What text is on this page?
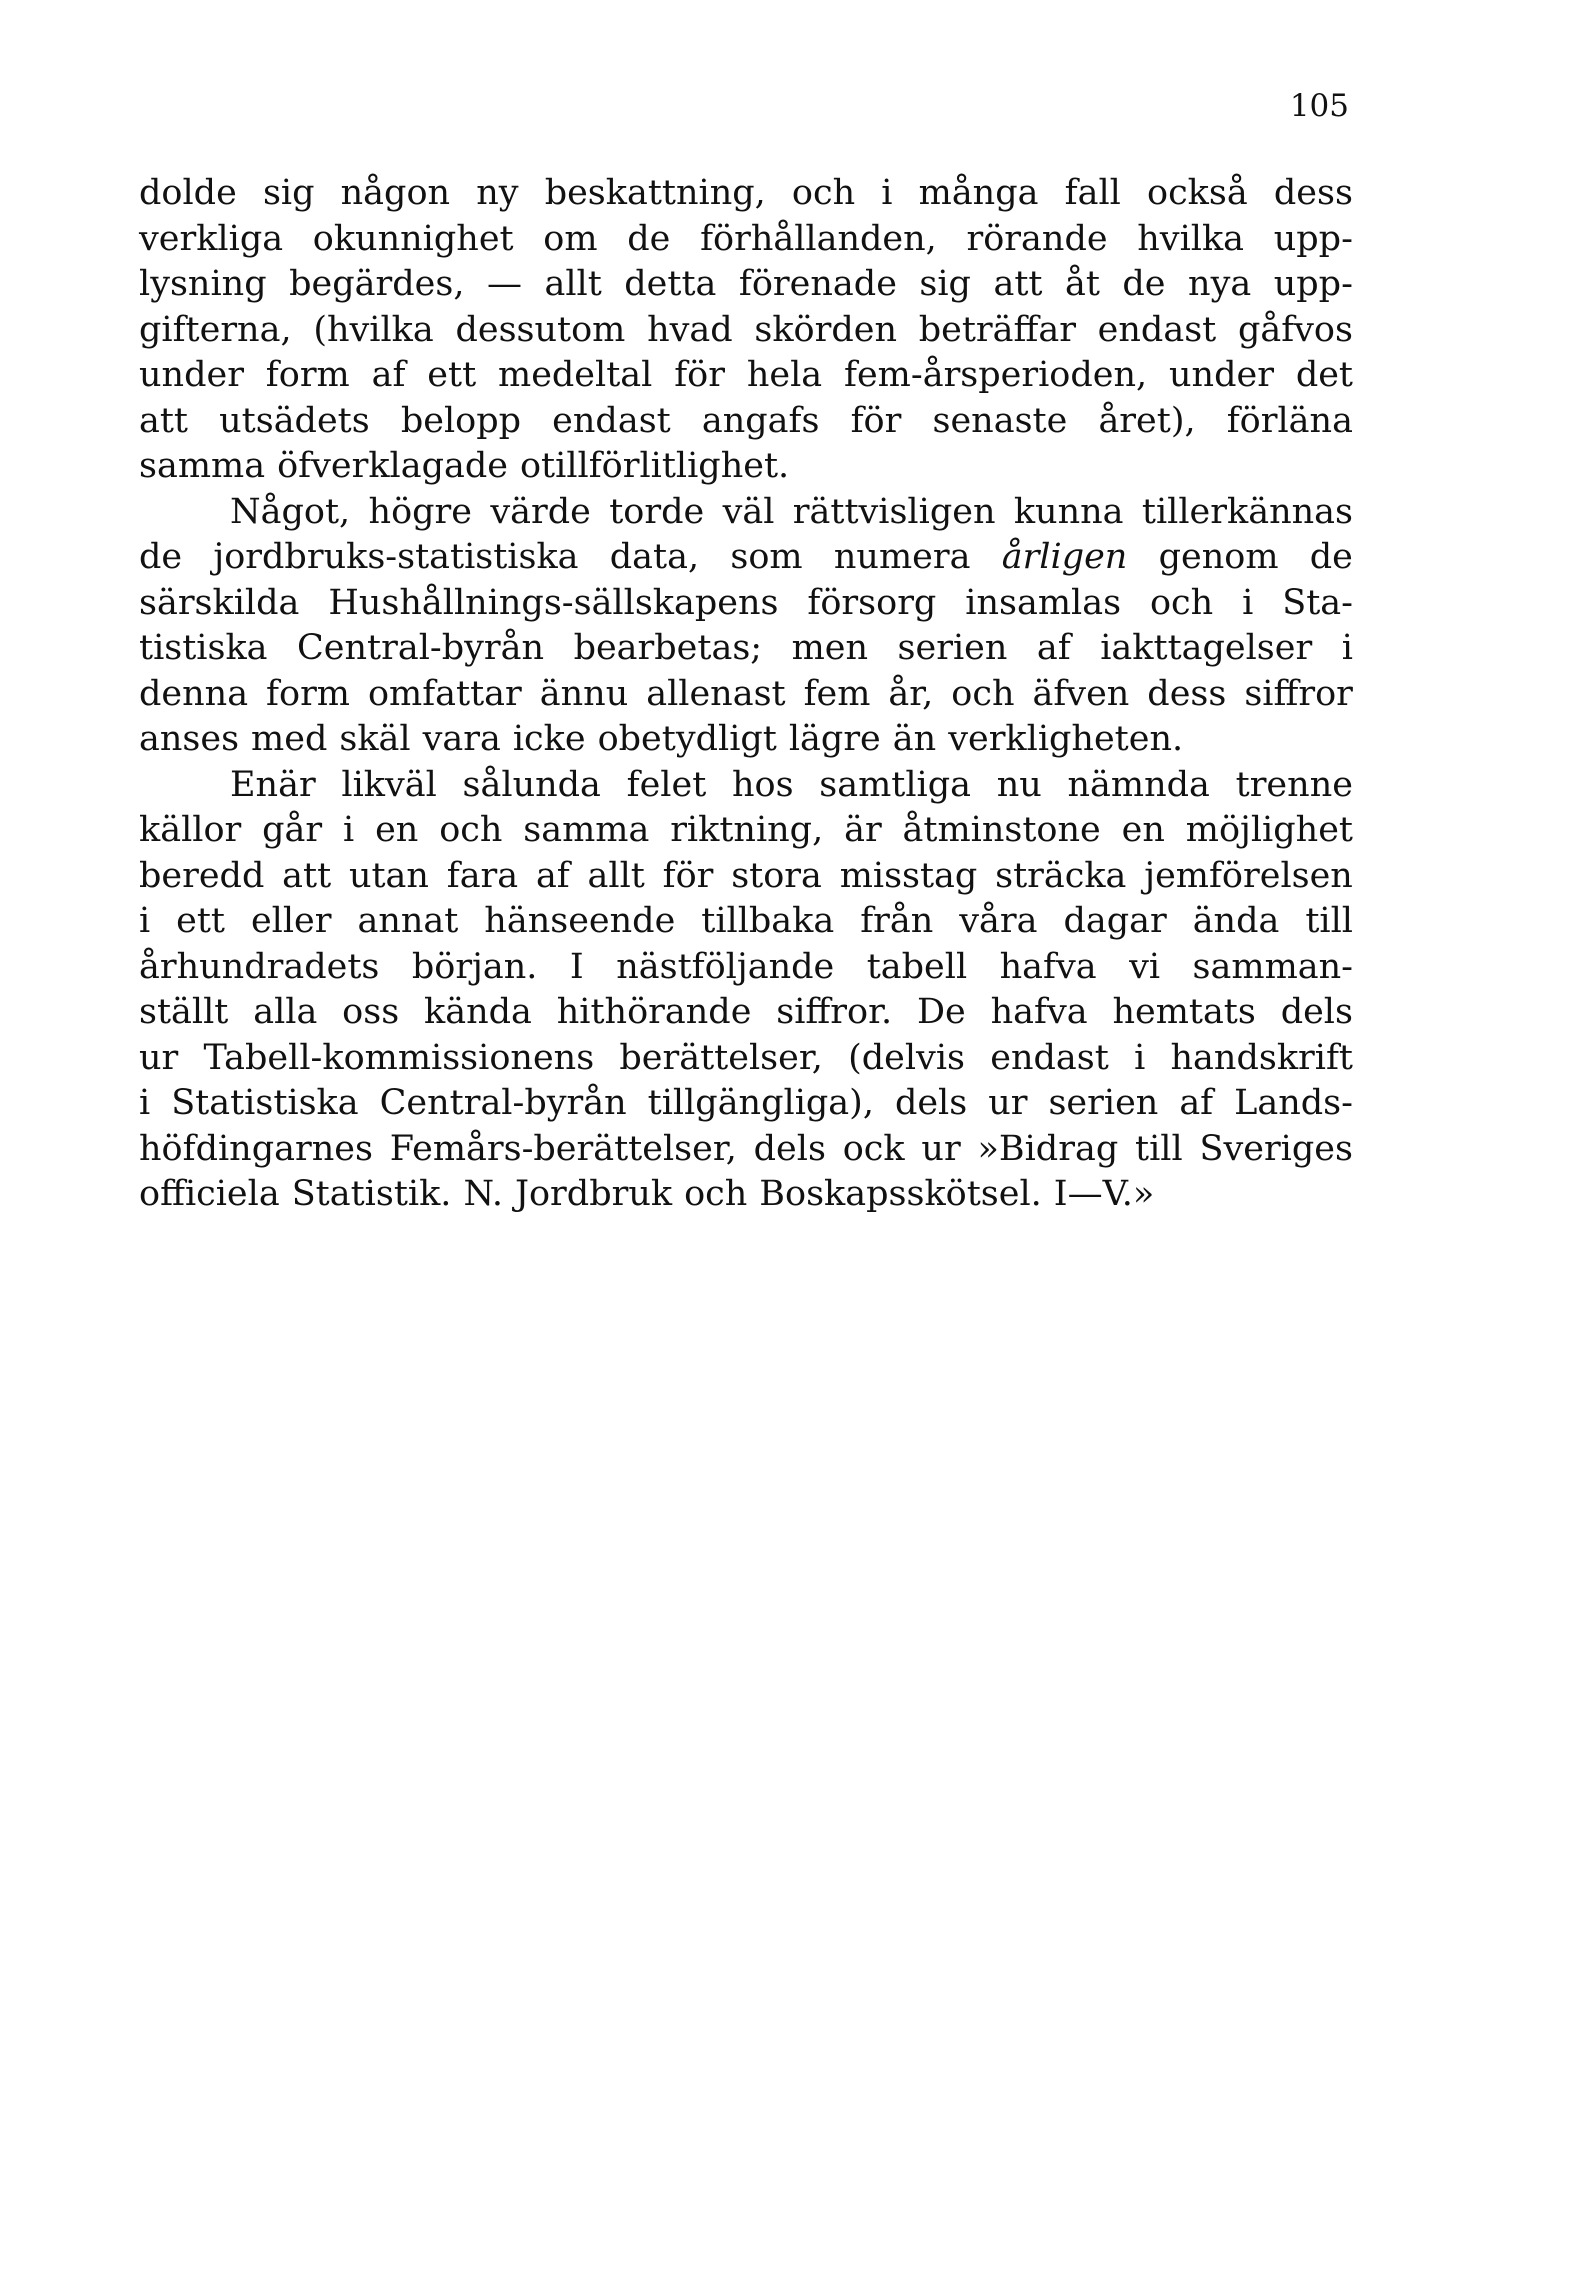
105
dolde sig någon ny beskattning, och i många fall också dess
verkliga okunnighet om de förhållanden, rörande hvilka upp-
lysning begärdes, — allt detta förenade sig att åt de nya upp-
gifterna, (hvilka dessutom hvad skörden beträffar endast gåfvos
under form af ett medeltal för hela fem-årsperioden, under det
att utsädets belopp endast angafs för senaste året), förläna
samma öfverklagade otillförlitlighet.
Något, högre värde torde väl rättvisligen kunna tillerkännas
de jordbruks-statistiska data, som numera årligen genom de
särskilda Hushållnings-sällskapens försorg insamlas och i Sta-
tistiska Central-byrån bearbetas; men serien af iakttagelser i
denna form omfattar ännu allenast fem år, och äfven dess siffror
anses med skäl vara icke obetydligt lägre än verkligheten.
Enär likväl sålunda felet hos samtliga nu nämnda trenne
källor går i en och samma riktning, är åtminstone en möjlighet
beredd att utan fara af allt för stora misstag sträcka jemförelsen
i ett eller annat hänseende tillbaka från våra dagar ända till
århundradets början. I nästföljande tabell hafva vi samman-
ställt alla oss kända hithörande siffror. De hafva hemtats dels
ur Tabell-kommissionens berättelser, (delvis endast i handskrift
i Statistiska Central-byrån tillgängliga), dels ur serien af Lands-
höfdingarnes Femårs-berättelser, dels ock ur »Bidrag till Sveriges
officiela Statistik. N. Jordbruk och Boskapsskötsel. I—V.»
